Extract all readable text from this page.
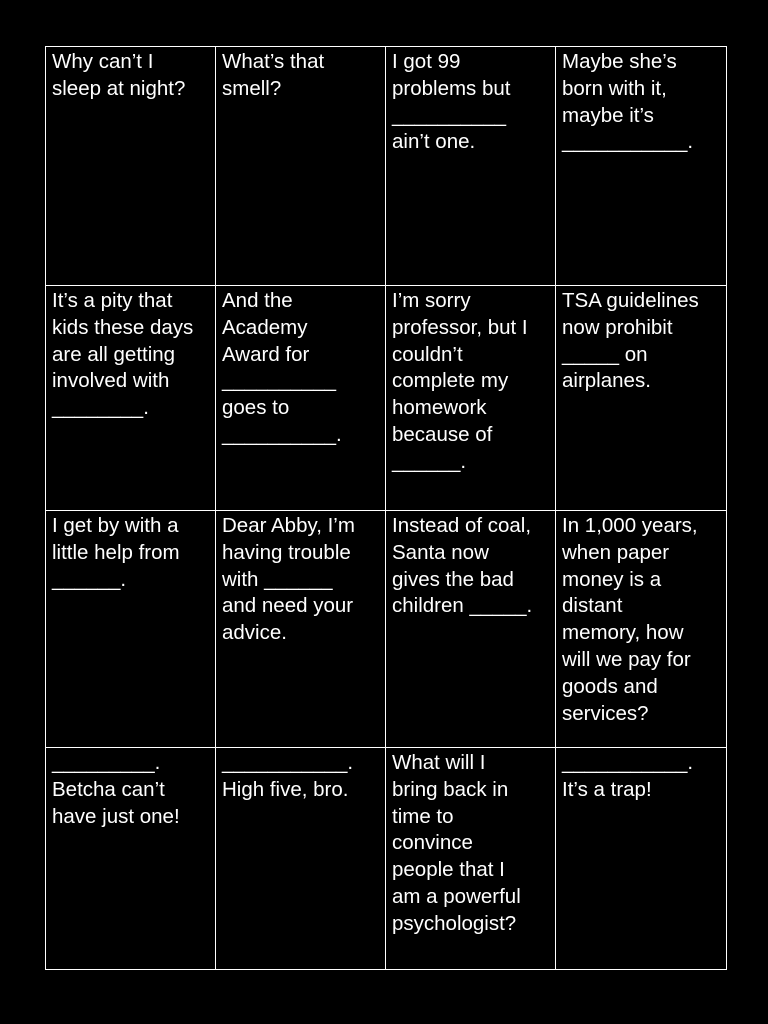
Why can’t I
sleep at night?

What’s that
smell?

I got 99
problems but
__________
ain’t one.

Maybe she’s
born with it,
maybe it’s
___________.

It’s a pity that
kids these days
are all getting
involved with
________.

And the
Academy
Award for
__________
goes to
__________.

I’m sorry
professor, but I
couldn’t
complete my
homework
because of
______.

TSA guidelines
now prohibit
_____ on
airplanes.

I get by with a
little help from
______.

Dear Abby, I’m
having trouble
with ______
and need your
advice.

Instead of coal,
Santa now
gives the bad
children _____.

In 1,000 years,
when paper
money is a
distant
memory, how
will we pay for
goods and
services?

_________.
Betcha can’t
have just one!

___________.
High five, bro.

What will I
bring back in
time to
convince
people that I
am a powerful
psychologist?

___________.
It’s a trap!
